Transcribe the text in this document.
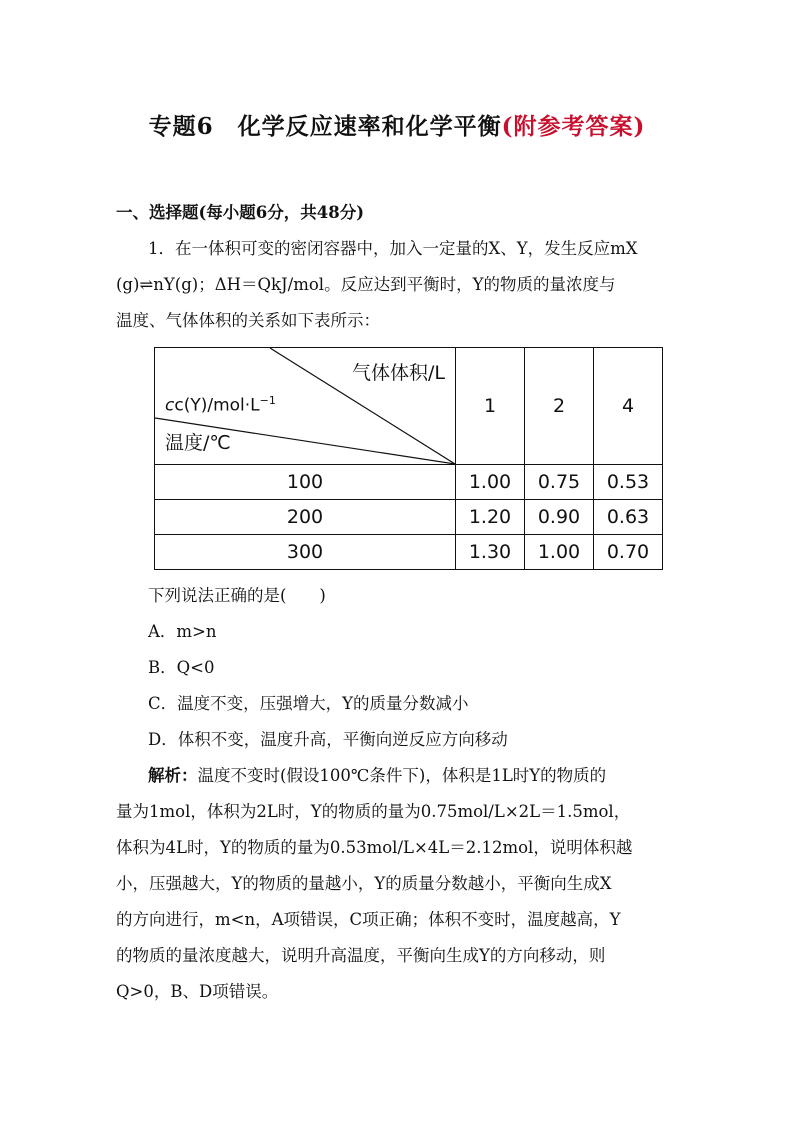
专题6　化学反应速率和化学平衡(附参考答案)
一、选择题(每小题6分，共48分)
1．在一体积可变的密闭容器中，加入一定量的X、Y，发生反应mX
(g)⇌nY(g)；ΔH＝QkJ/mol。反应达到平衡时，Y的物质的量浓度与
温度、气体体积的关系如下表所示：
气体体积/L
$cc(Y)/mol\cdot L^{-1}$
温度/℃	1	2	4
100	1.00	0.75	0.53
200	1.20	0.90	0.63
300	1.30	1.00	0.70
下列说法正确的是(　　)
A．m>n
B．Q<0
C．温度不变，压强增大，Y的质量分数减小
D．体积不变，温度升高，平衡向逆反应方向移动
解析：温度不变时(假设100℃条件下)，体积是1L时Y的物质的
量为1mol，体积为2L时，Y的物质的量为0.75mol/L×2L＝1.5mol，
体积为4L时，Y的物质的量为0.53mol/L×4L＝2.12mol，说明体积越
小，压强越大，Y的物质的量越小，Y的质量分数越小，平衡向生成X
的方向进行，m<n，A项错误，C项正确；体积不变时，温度越高，Y
的物质的量浓度越大，说明升高温度，平衡向生成Y的方向移动，则
Q>0，B、D项错误。
